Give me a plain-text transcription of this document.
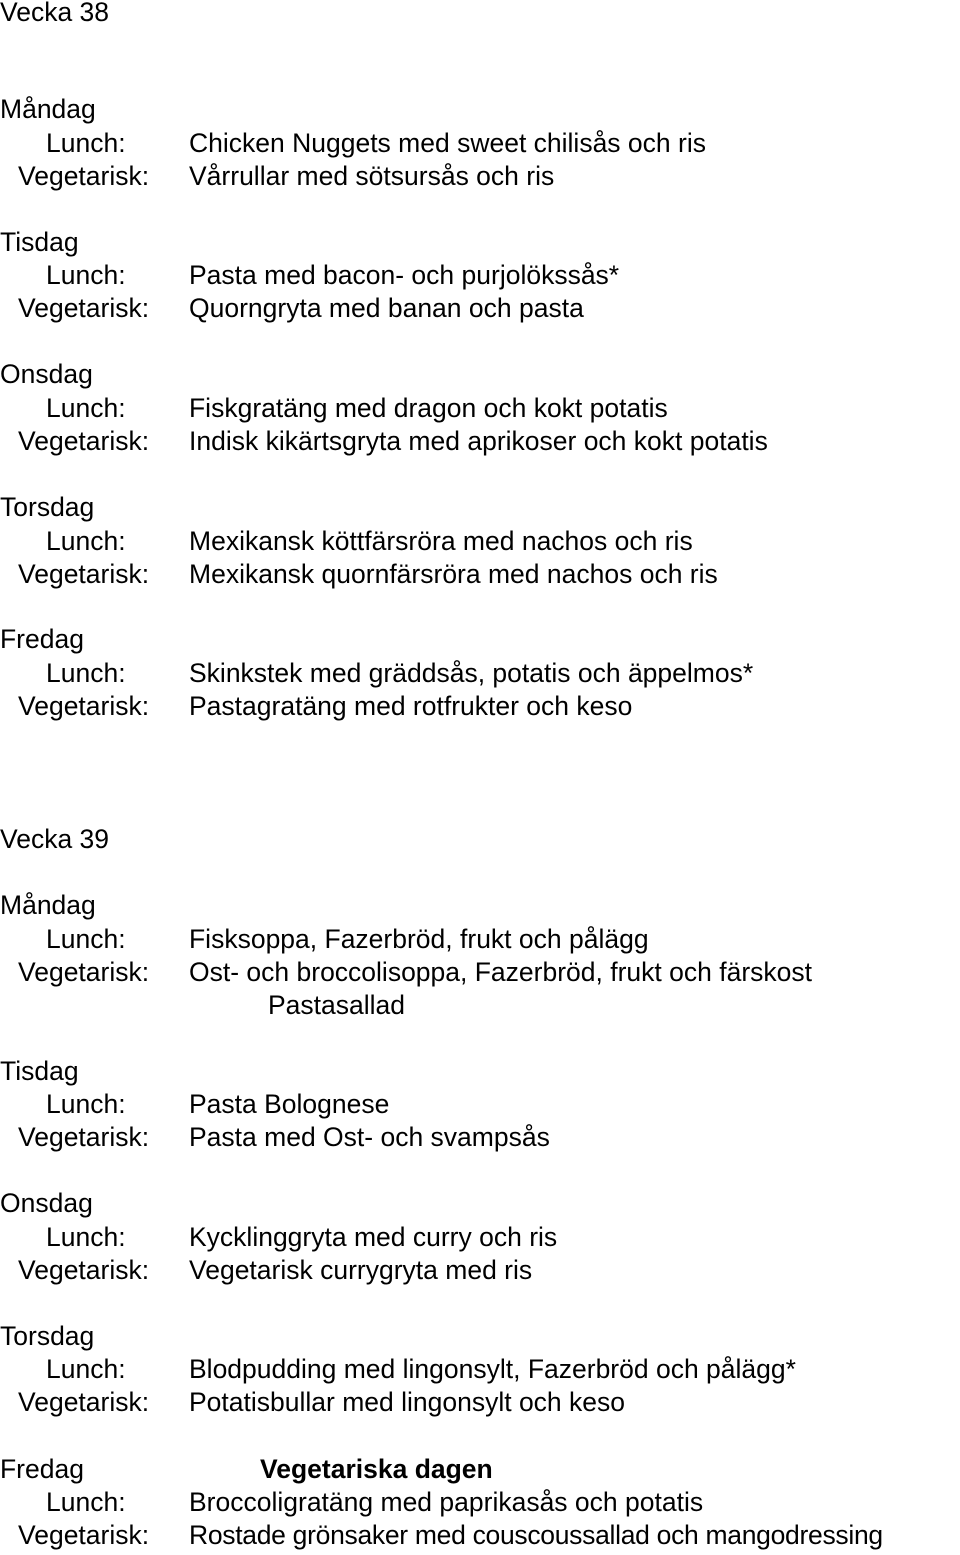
Vecka 38
Måndag
Lunch: Chicken Nuggets med sweet chilisås och ris
Vegetarisk: Vårrullar med sötsursås och ris
Tisdag
Lunch: Pasta med bacon- och purjolökssås*
Vegetarisk: Quorngryta med banan och pasta
Onsdag
Lunch: Fiskgratäng med dragon och kokt potatis
Vegetarisk: Indisk kikärtsgryta med aprikoser och kokt potatis
Torsdag
Lunch: Mexikansk köttfärsröra med nachos och ris
Vegetarisk: Mexikansk quornfärsröra med nachos och ris
Fredag
Lunch: Skinkstek med gräddsås, potatis och äppelmos*
Vegetarisk: Pastagratäng med rotfrukter och keso
Vecka 39
Måndag
Lunch: Fisksoppa, Fazerbröd, frukt och pålägg
Vegetarisk: Ost- och broccolisoppa, Fazerbröd, frukt och färskost
Pastasallad
Tisdag
Lunch: Pasta Bolognese
Vegetarisk: Pasta med Ost- och svampsås
Onsdag
Lunch: Kycklinggryta med curry och ris
Vegetarisk: Vegetarisk currygryta med ris
Torsdag
Lunch: Blodpudding med lingonsylt, Fazerbröd och pålägg*
Vegetarisk: Potatisbullar med lingonsylt och keso
Fredag	Vegetariska dagen
Lunch: Broccoligratäng med paprikasås och potatis
Vegetarisk: Rostade grönsaker med couscoussallad och mangodressing
